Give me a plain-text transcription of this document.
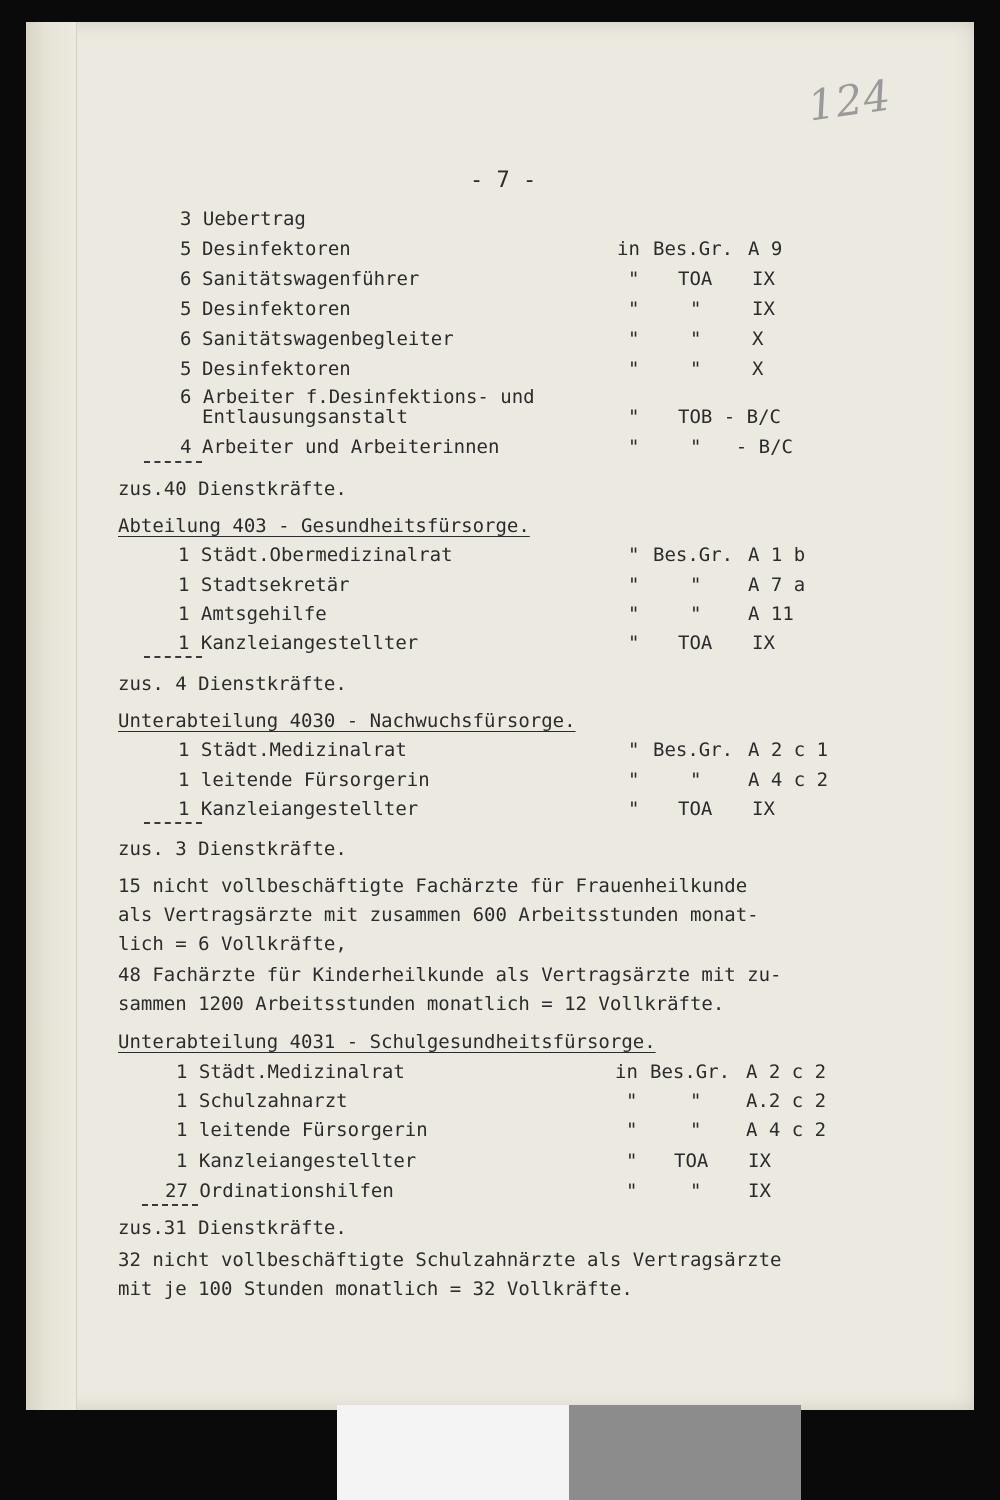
124
- 7 -
3 Uebertrag
5 Desinfektoren	in Bes.Gr. A 9
6 Sanitätswagenführer	" TOA IX
5 Desinfektoren	"	"	IX
6 Sanitätswagenbegleiter	"	"	X
5 Desinfektoren	"	"	X
6 Arbeiter f.Desinfektions- und
Entlausungsanstalt	" TOB - B/C
4 Arbeiter und Arbeiterinnen	"	"   - B/C
zus.40 Dienstkräfte.
Abteilung 403 - Gesundheitsfürsorge.
1 Städt.Obermedizinalrat	" Bes.Gr. A 1 b
1 Stadtsekretär	"	" A 7 a
1 Amtsgehilfe	"	" A 11
1 Kanzleiangestellter	" TOA IX
zus. 4 Dienstkräfte.
Unterabteilung 4030 - Nachwuchsfürsorge.
1 Städt.Medizinalrat	" Bes.Gr. A 2 c 1
1 leitende Fürsorgerin	"	" A 4 c 2
1 Kanzleiangestellter	" TOA IX
zus. 3 Dienstkräfte.
15 nicht vollbeschäftigte Fachärzte für Frauenheilkunde
als Vertragsärzte mit zusammen 600 Arbeitsstunden monat-
lich = 6 Vollkräfte,
48 Fachärzte für Kinderheilkunde als Vertragsärzte mit zu-
sammen 1200 Arbeitsstunden monatlich = 12 Vollkräfte.
Unterabteilung 4031 - Schulgesundheitsfürsorge.
1 Städt.Medizinalrat	in Bes.Gr. A 2 c 2
1 Schulzahnarzt	"	" A.2 c 2
1 leitende Fürsorgerin	"	" A 4 c 2
1 Kanzleiangestellter	" TOA IX
27 Ordinationshilfen	"	" IX
zus.31 Dienstkräfte.
32 nicht vollbeschäftigte Schulzahnärzte als Vertragsärzte
mit je 100 Stunden monatlich = 32 Vollkräfte.
